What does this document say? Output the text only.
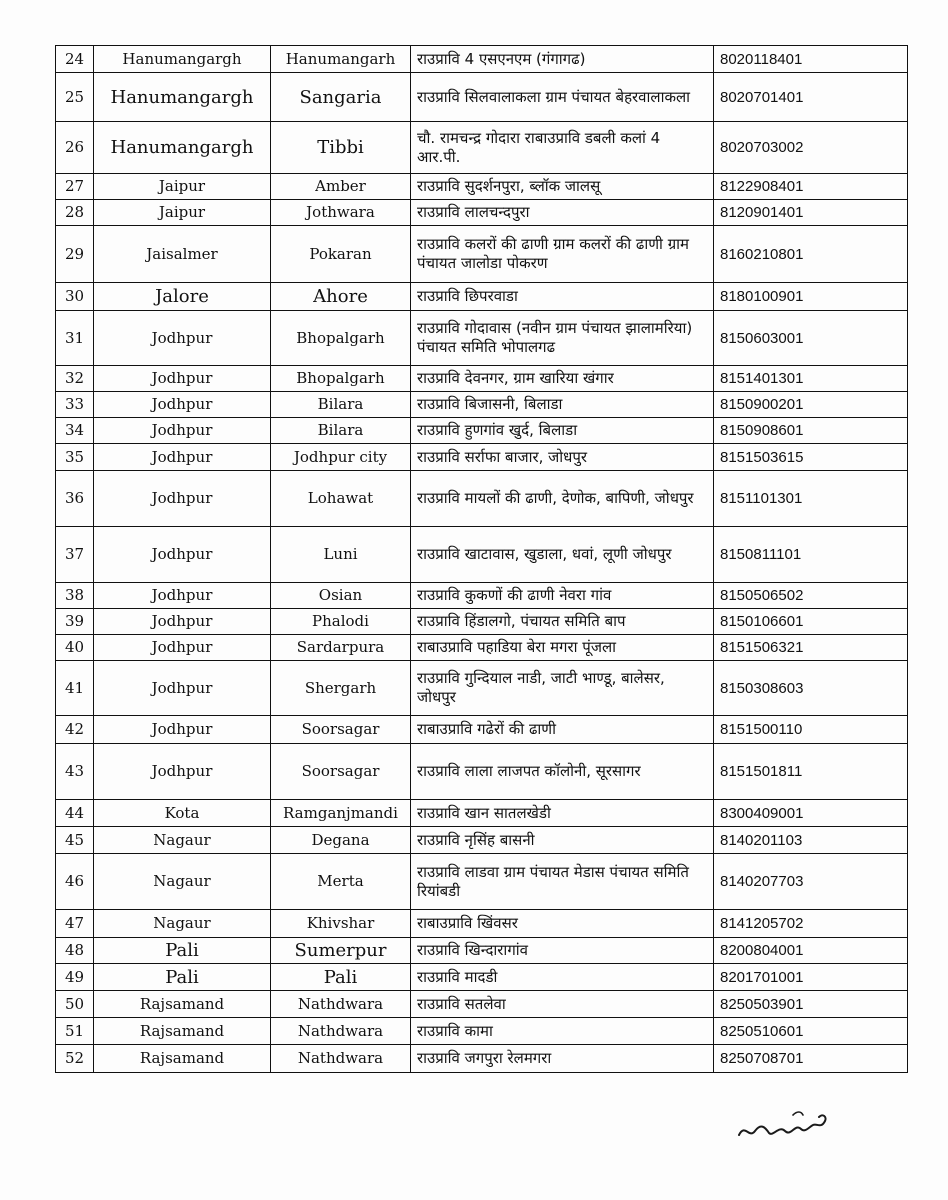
24	Hanumangargh	Hanumangarh	राउप्रावि 4 एसएनएम (गंगागढ)	8020118401
25	Hanumangargh	Sangaria	राउप्रावि सिलवालाकला ग्राम पंचायत बेहरवालाकला	8020701401
26	Hanumangargh	Tibbi	चौ. रामचन्द्र गोदारा राबाउप्रावि डबली कलां 4 आर.पी.	8020703002
27	Jaipur	Amber	राउप्रावि सुदर्शनपुरा, ब्लॉक जालसू	8122908401
28	Jaipur	Jothwara	राउप्रावि लालचन्दपुरा	8120901401
29	Jaisalmer	Pokaran	राउप्रावि कलरों की ढाणी ग्राम कलरों की ढाणी ग्राम पंचायत जालोडा पोकरण	8160210801
30	Jalore	Ahore	राउप्रावि छिपरवाडा	8180100901
31	Jodhpur	Bhopalgarh	राउप्रावि गोदावास (नवीन ग्राम पंचायत झालामरिया) पंचायत समिति भोपालगढ	8150603001
32	Jodhpur	Bhopalgarh	राउप्रावि देवनगर, ग्राम खारिया खंगार	8151401301
33	Jodhpur	Bilara	राउप्रावि बिजासनी, बिलाडा	8150900201
34	Jodhpur	Bilara	राउप्रावि हुणगांव खुर्द, बिलाडा	8150908601
35	Jodhpur	Jodhpur city	राउप्रावि सर्राफा बाजार, जोधपुर	8151503615
36	Jodhpur	Lohawat	राउप्रावि मायलों की ढाणी, देणोक, बापिणी, जोधपुर	8151101301
37	Jodhpur	Luni	राउप्रावि खाटावास, खुडाला, धवां, लूणी जोधपुर	8150811101
38	Jodhpur	Osian	राउप्रावि कुकणों की ढाणी नेवरा गांव	8150506502
39	Jodhpur	Phalodi	राउप्रावि हिंडालगो, पंचायत समिति बाप	8150106601
40	Jodhpur	Sardarpura	राबाउप्रावि पहाडिया बेरा मगरा पूंजला	8151506321
41	Jodhpur	Shergarh	राउप्रावि गुन्दियाल नाडी, जाटी भाण्डू, बालेसर, जोधपुर	8150308603
42	Jodhpur	Soorsagar	राबाउप्रावि गढेरों की ढाणी	8151500110
43	Jodhpur	Soorsagar	राउप्रावि लाला लाजपत कॉलोनी, सूरसागर	8151501811
44	Kota	Ramganjmandi	राउप्रावि खान सातलखेडी	8300409001
45	Nagaur	Degana	राउप्रावि नृसिंह बासनी	8140201103
46	Nagaur	Merta	राउप्रावि लाडवा ग्राम पंचायत मेडास पंचायत समिति रियांबडी	8140207703
47	Nagaur	Khivshar	राबाउप्रावि खिंवसर	8141205702
48	Pali	Sumerpur	राउप्रावि खिन्दारागांव	8200804001
49	Pali	Pali	राउप्रावि मादडी	8201701001
50	Rajsamand	Nathdwara	राउप्रावि सतलेवा	8250503901
51	Rajsamand	Nathdwara	राउप्रावि कामा	8250510601
52	Rajsamand	Nathdwara	राउप्रावि जगपुरा रेलमगरा	8250708701
